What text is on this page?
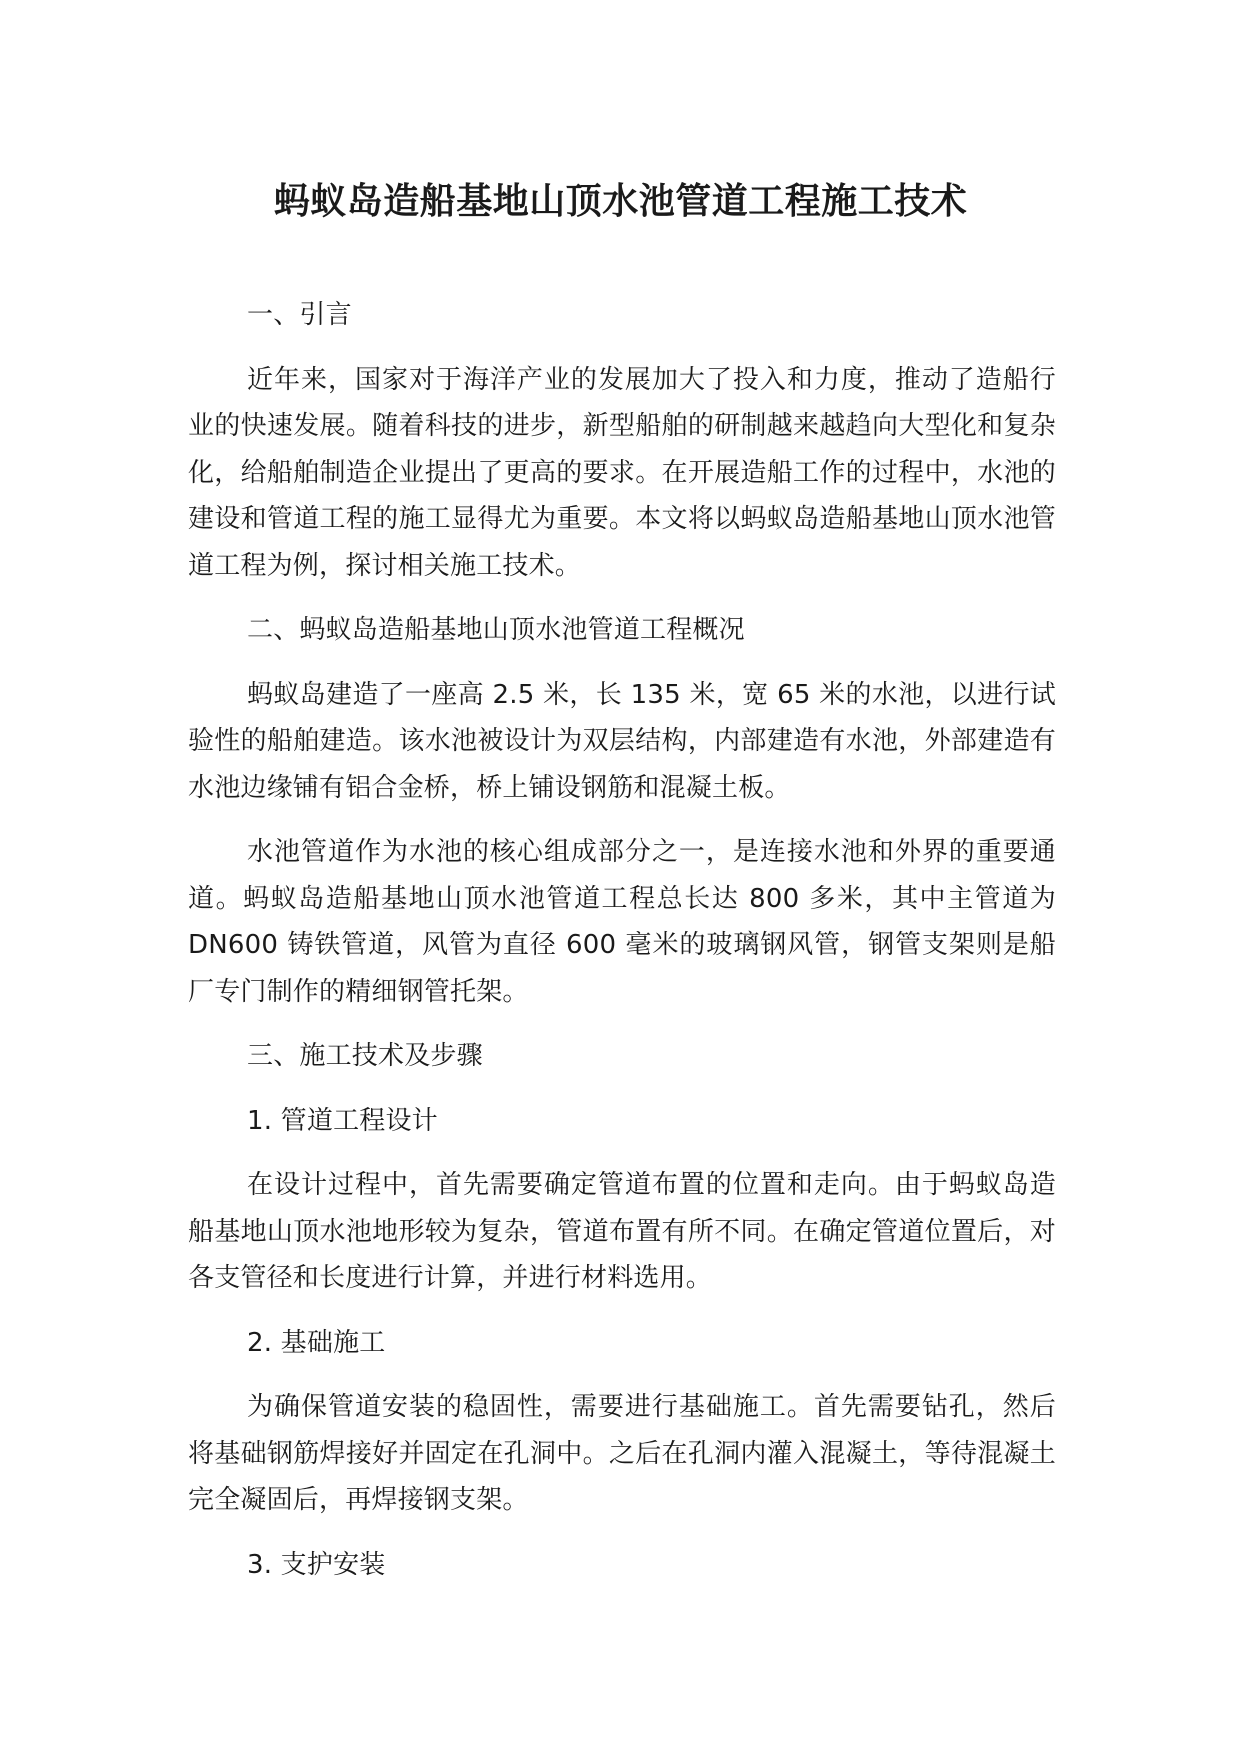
蚂蚁岛造船基地山顶水池管道工程施工技术

一、引言

近年来，国家对于海洋产业的发展加大了投入和力度，推动了造船行业的快速发展。随着科技的进步，新型船舶的研制越来越趋向大型化和复杂化，给船舶制造企业提出了更高的要求。在开展造船工作的过程中，水池的建设和管道工程的施工显得尤为重要。本文将以蚂蚁岛造船基地山顶水池管道工程为例，探讨相关施工技术。

二、蚂蚁岛造船基地山顶水池管道工程概况

蚂蚁岛建造了一座高 2.5 米，长 135 米，宽 65 米的水池，以进行试验性的船舶建造。该水池被设计为双层结构，内部建造有水池，外部建造有水池边缘铺有铝合金桥，桥上铺设钢筋和混凝土板。

水池管道作为水池的核心组成部分之一，是连接水池和外界的重要通道。蚂蚁岛造船基地山顶水池管道工程总长达 800 多米，其中主管道为 DN600 铸铁管道，风管为直径 600 毫米的玻璃钢风管，钢管支架则是船厂专门制作的精细钢管托架。

三、施工技术及步骤

1. 管道工程设计

在设计过程中，首先需要确定管道布置的位置和走向。由于蚂蚁岛造船基地山顶水池地形较为复杂，管道布置有所不同。在确定管道位置后，对各支管径和长度进行计算，并进行材料选用。

2. 基础施工

为确保管道安装的稳固性，需要进行基础施工。首先需要钻孔，然后将基础钢筋焊接好并固定在孔洞中。之后在孔洞内灌入混凝土，等待混凝土完全凝固后，再焊接钢支架。

3. 支护安装
